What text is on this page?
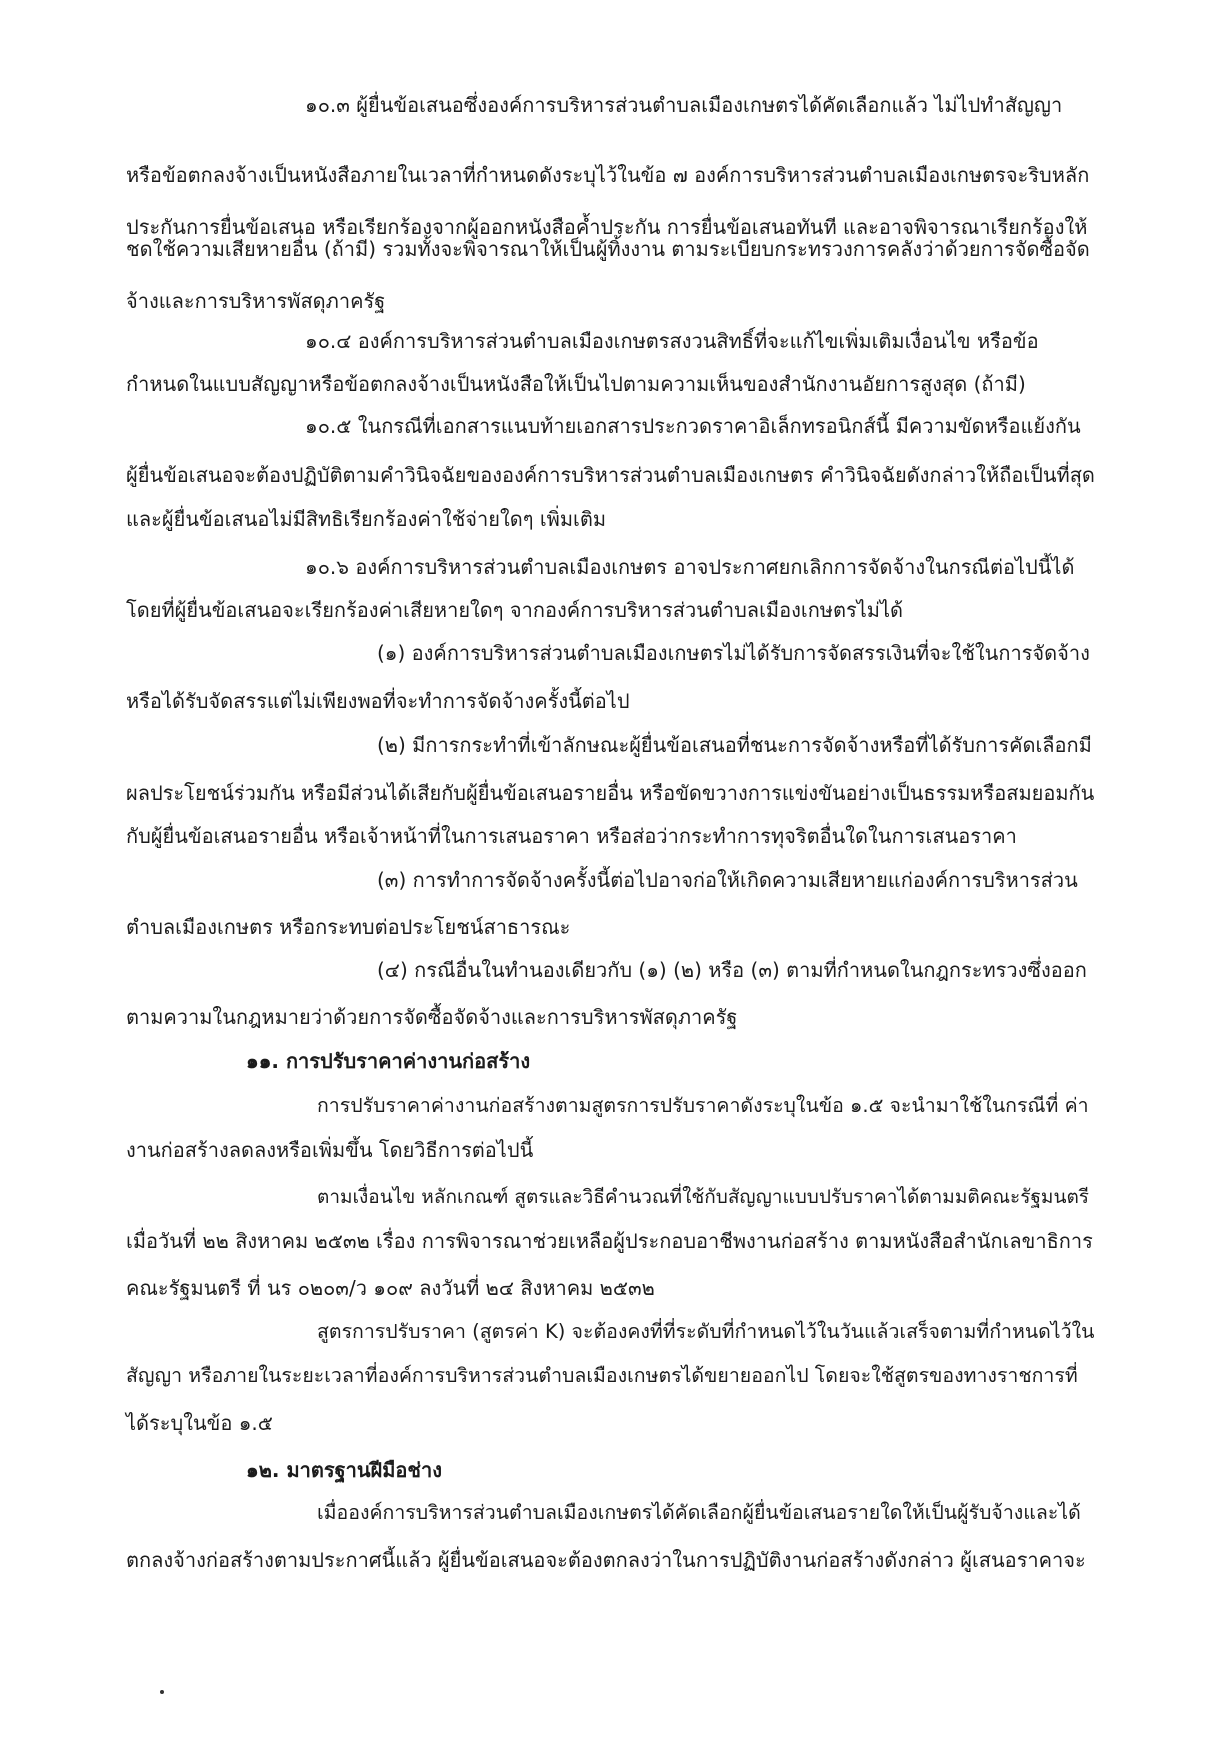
๑๐.๓ ผู้ยื่นข้อเสนอซึ่งองค์การบริหารส่วนตำบลเมืองเกษตรได้คัดเลือกแล้ว ไม่ไปทำสัญญา
หรือข้อตกลงจ้างเป็นหนังสือภายในเวลาที่กำหนดดังระบุไว้ในข้อ ๗ องค์การบริหารส่วนตำบลเมืองเกษตรจะริบหลัก
ประกันการยื่นข้อเสนอ หรือเรียกร้องจากผู้ออกหนังสือค้ำประกัน การยื่นข้อเสนอทันที และอาจพิจารณาเรียกร้องให้
ชดใช้ความเสียหายอื่น (ถ้ามี) รวมทั้งจะพิจารณาให้เป็นผู้ทิ้งงาน ตามระเบียบกระทรวงการคลังว่าด้วยการจัดซื้อจัด
จ้างและการบริหารพัสดุภาครัฐ
๑๐.๔ องค์การบริหารส่วนตำบลเมืองเกษตรสงวนสิทธิ์ที่จะแก้ไขเพิ่มเติมเงื่อนไข หรือข้อ
กำหนดในแบบสัญญาหรือข้อตกลงจ้างเป็นหนังสือให้เป็นไปตามความเห็นของสำนักงานอัยการสูงสุด (ถ้ามี)
๑๐.๕ ในกรณีที่เอกสารแนบท้ายเอกสารประกวดราคาอิเล็กทรอนิกส์นี้ มีความขัดหรือแย้งกัน
ผู้ยื่นข้อเสนอจะต้องปฏิบัติตามคำวินิจฉัยขององค์การบริหารส่วนตำบลเมืองเกษตร คำวินิจฉัยดังกล่าวให้ถือเป็นที่สุด
และผู้ยื่นข้อเสนอไม่มีสิทธิเรียกร้องค่าใช้จ่ายใดๆ เพิ่มเติม
๑๐.๖ องค์การบริหารส่วนตำบลเมืองเกษตร อาจประกาศยกเลิกการจัดจ้างในกรณีต่อไปนี้ได้
โดยที่ผู้ยื่นข้อเสนอจะเรียกร้องค่าเสียหายใดๆ จากองค์การบริหารส่วนตำบลเมืองเกษตรไม่ได้
(๑) องค์การบริหารส่วนตำบลเมืองเกษตรไม่ได้รับการจัดสรรเงินที่จะใช้ในการจัดจ้าง
หรือได้รับจัดสรรแต่ไม่เพียงพอที่จะทำการจัดจ้างครั้งนี้ต่อไป
(๒) มีการกระทำที่เข้าลักษณะผู้ยื่นข้อเสนอที่ชนะการจัดจ้างหรือที่ได้รับการคัดเลือกมี
ผลประโยชน์ร่วมกัน หรือมีส่วนได้เสียกับผู้ยื่นข้อเสนอรายอื่น หรือขัดขวางการแข่งขันอย่างเป็นธรรมหรือสมยอมกัน
กับผู้ยื่นข้อเสนอรายอื่น หรือเจ้าหน้าที่ในการเสนอราคา หรือส่อว่ากระทำการทุจริตอื่นใดในการเสนอราคา
(๓) การทำการจัดจ้างครั้งนี้ต่อไปอาจก่อให้เกิดความเสียหายแก่องค์การบริหารส่วน
ตำบลเมืองเกษตร หรือกระทบต่อประโยชน์สาธารณะ
(๔) กรณีอื่นในทำนองเดียวกับ (๑) (๒) หรือ (๓) ตามที่กำหนดในกฎกระทรวงซึ่งออก
ตามความในกฎหมายว่าด้วยการจัดซื้อจัดจ้างและการบริหารพัสดุภาครัฐ
๑๑. การปรับราคาค่างานก่อสร้าง
การปรับราคาค่างานก่อสร้างตามสูตรการปรับราคาดังระบุในข้อ ๑.๕ จะนำมาใช้ในกรณีที่ ค่า
งานก่อสร้างลดลงหรือเพิ่มขึ้น โดยวิธีการต่อไปนี้
ตามเงื่อนไข หลักเกณฑ์ สูตรและวิธีคำนวณที่ใช้กับสัญญาแบบปรับราคาได้ตามมติคณะรัฐมนตรี
เมื่อวันที่ ๒๒ สิงหาคม ๒๕๓๒ เรื่อง การพิจารณาช่วยเหลือผู้ประกอบอาชีพงานก่อสร้าง ตามหนังสือสำนักเลขาธิการ
คณะรัฐมนตรี ที่ นร ๐๒๐๓/ว ๑๐๙ ลงวันที่ ๒๔ สิงหาคม ๒๕๓๒
สูตรการปรับราคา (สูตรค่า K) จะต้องคงที่ที่ระดับที่กำหนดไว้ในวันแล้วเสร็จตามที่กำหนดไว้ใน
สัญญา หรือภายในระยะเวลาที่องค์การบริหารส่วนตำบลเมืองเกษตรได้ขยายออกไป โดยจะใช้สูตรของทางราชการที่
ได้ระบุในข้อ ๑.๕
๑๒. มาตรฐานฝีมือช่าง
เมื่อองค์การบริหารส่วนตำบลเมืองเกษตรได้คัดเลือกผู้ยื่นข้อเสนอรายใดให้เป็นผู้รับจ้างและได้
ตกลงจ้างก่อสร้างตามประกาศนี้แล้ว ผู้ยื่นข้อเสนอจะต้องตกลงว่าในการปฏิบัติงานก่อสร้างดังกล่าว ผู้เสนอราคาจะ
